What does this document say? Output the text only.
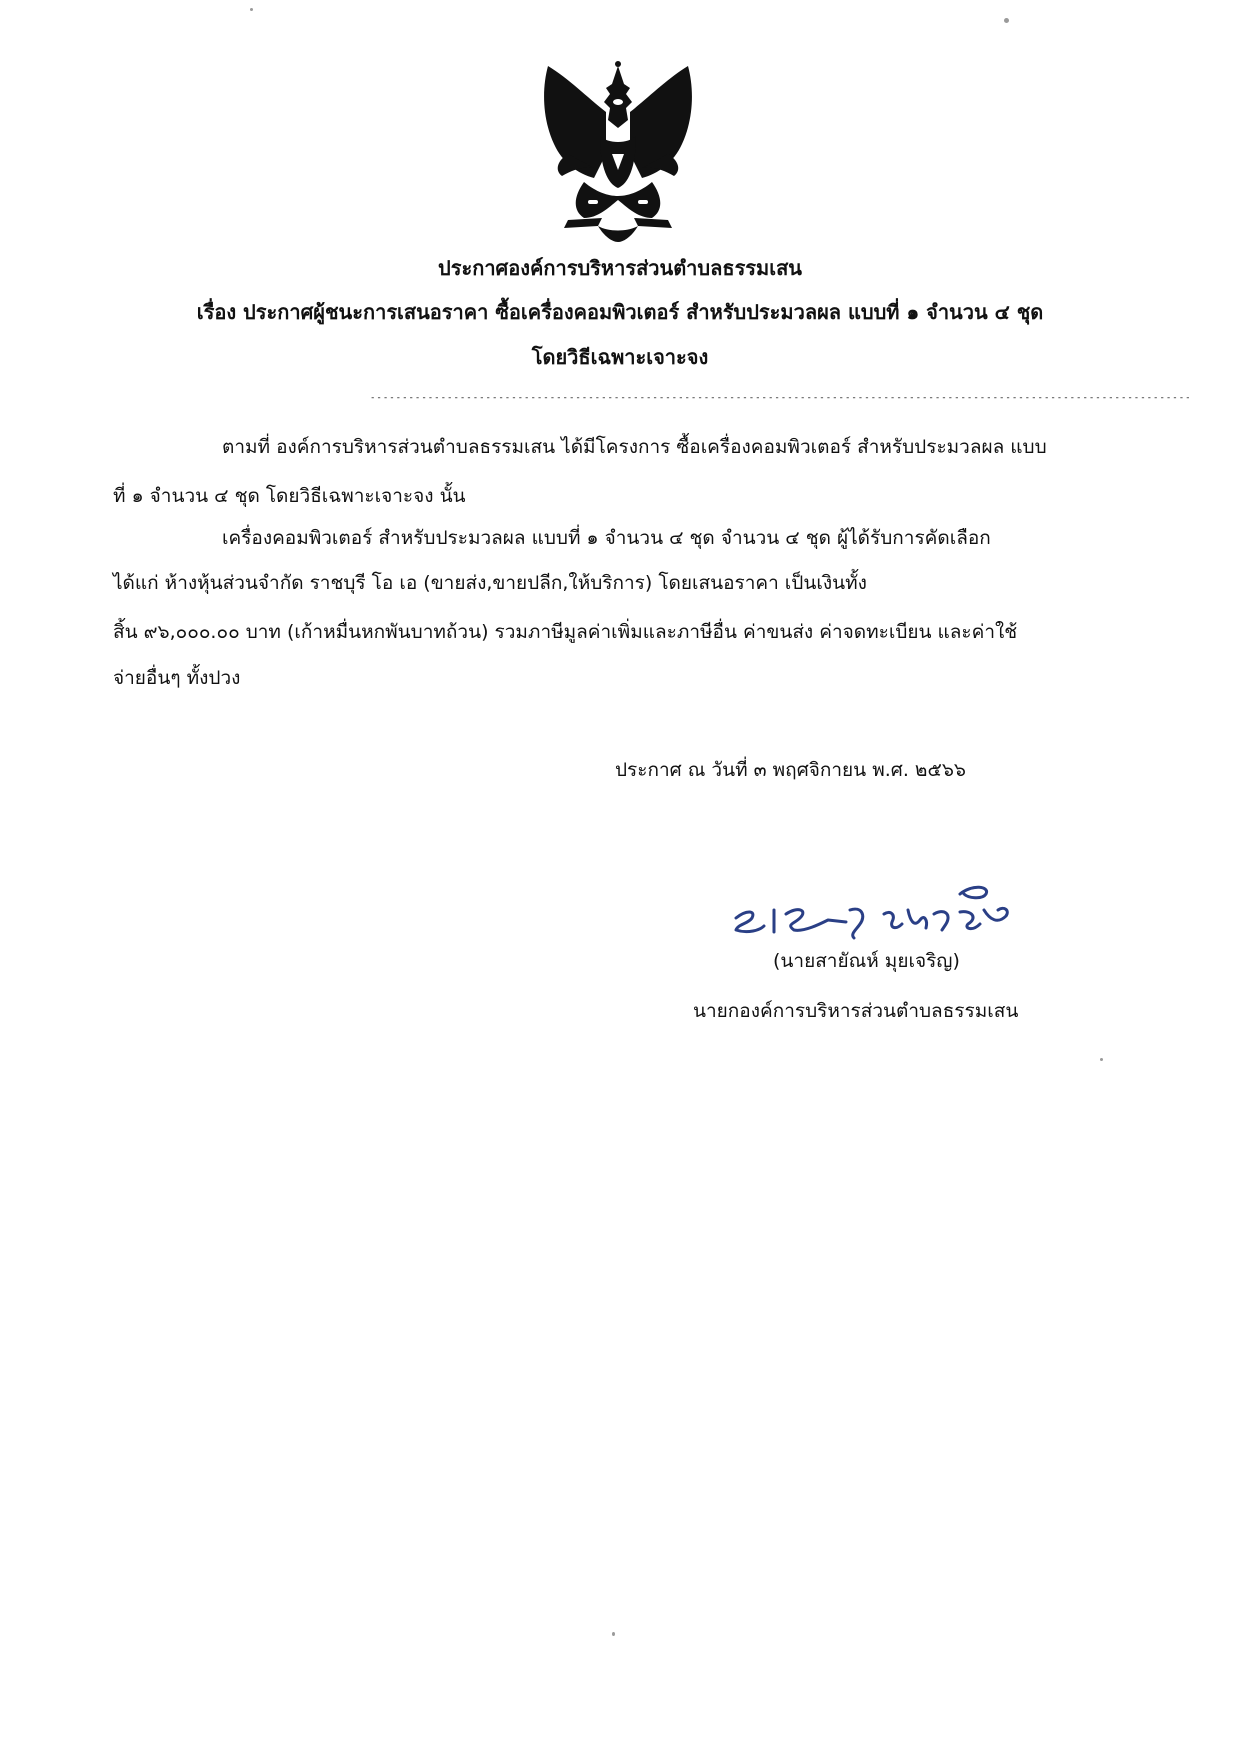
ประกาศองค์การบริหารส่วนตำบลธรรมเสน
เรื่อง ประกาศผู้ชนะการเสนอราคา ซื้อเครื่องคอมพิวเตอร์ สำหรับประมวลผล แบบที่ ๑ จำนวน ๔ ชุด
โดยวิธีเฉพาะเจาะจง
--------------------------------------------------------------------------------------------------------------------------------
ตามที่ องค์การบริหารส่วนตำบลธรรมเสน ได้มีโครงการ ซื้อเครื่องคอมพิวเตอร์ สำหรับประมวลผล แบบ
ที่ ๑ จำนวน ๔ ชุด โดยวิธีเฉพาะเจาะจง นั้น
เครื่องคอมพิวเตอร์ สำหรับประมวลผล แบบที่ ๑ จำนวน ๔ ชุด จำนวน ๔ ชุด ผู้ได้รับการคัดเลือก
ได้แก่ ห้างหุ้นส่วนจำกัด ราชบุรี โอ เอ (ขายส่ง,ขายปลีก,ให้บริการ) โดยเสนอราคา เป็นเงินทั้ง
สิ้น ๙๖,๐๐๐.๐๐ บาท (เก้าหมื่นหกพันบาทถ้วน) รวมภาษีมูลค่าเพิ่มและภาษีอื่น ค่าขนส่ง ค่าจดทะเบียน และค่าใช้
จ่ายอื่นๆ ทั้งปวง
ประกาศ ณ วันที่ ๓ พฤศจิกายน พ.ศ. ๒๕๖๖
(นายสายัณห์ มุยเจริญ)
นายกองค์การบริหารส่วนตำบลธรรมเสน
